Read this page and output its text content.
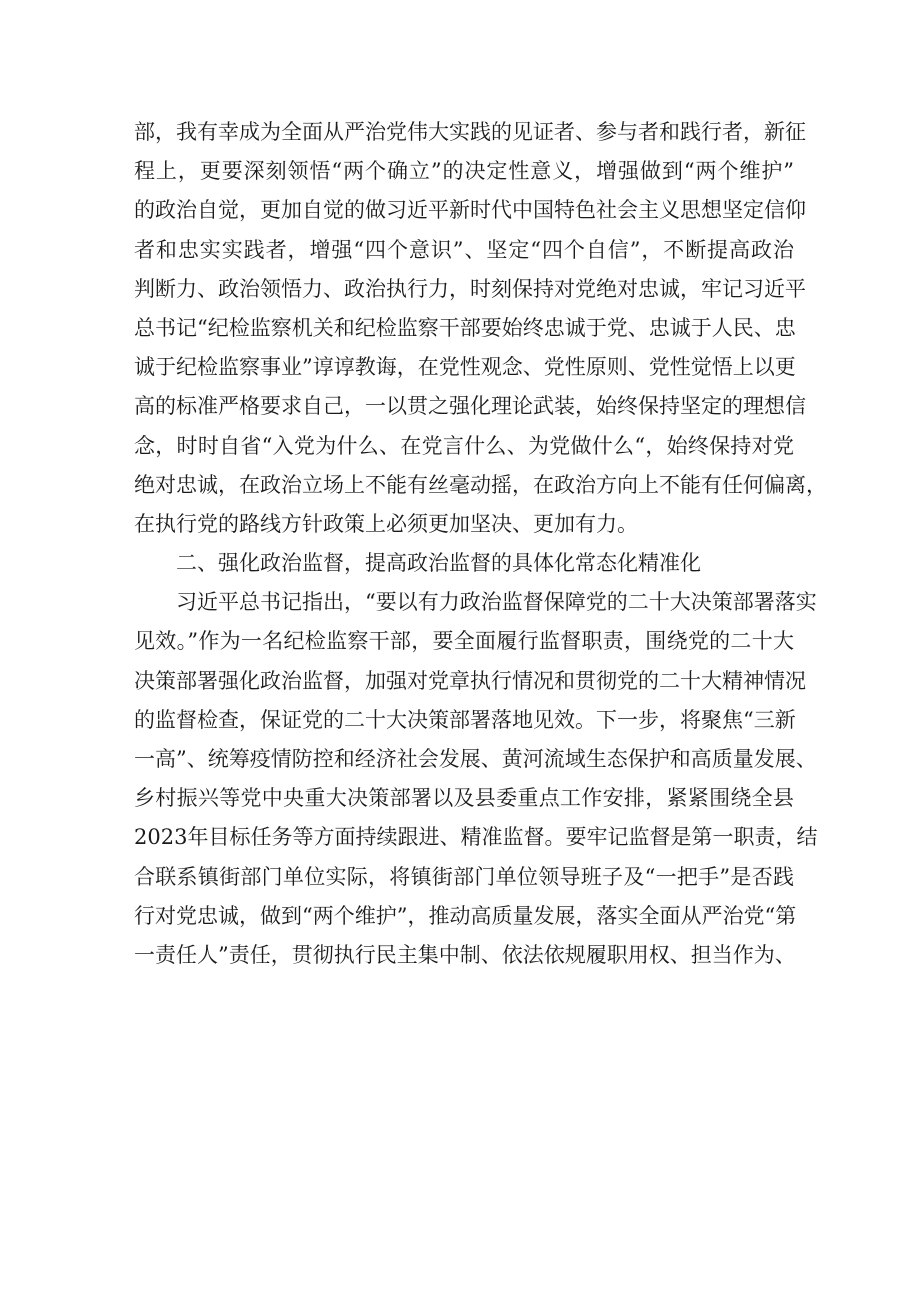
部，我有幸成为全面从严治党伟大实践的见证者、参与者和践行者，新征
程上，更要深刻领悟“两个确立”的决定性意义，增强做到“两个维护”
的政治自觉，更加自觉的做习近平新时代中国特色社会主义思想坚定信仰
者和忠实实践者，增强“四个意识”、坚定“四个自信”，不断提高政治
判断力、政治领悟力、政治执行力，时刻保持对党绝对忠诚，牢记习近平
总书记“纪检监察机关和纪检监察干部要始终忠诚于党、忠诚于人民、忠
诚于纪检监察事业”谆谆教诲，在党性观念、党性原则、党性觉悟上以更
高的标准严格要求自己，一以贯之强化理论武装，始终保持坚定的理想信
念，时时自省“入党为什么、在党言什么、为党做什么“，始终保持对党
绝对忠诚，在政治立场上不能有丝毫动摇，在政治方向上不能有任何偏离，
在执行党的路线方针政策上必须更加坚决、更加有力。
二、强化政治监督，提高政治监督的具体化常态化精准化
习近平总书记指出，“要以有力政治监督保障党的二十大决策部署落实
见效。”作为一名纪检监察干部，要全面履行监督职责，围绕党的二十大
决策部署强化政治监督，加强对党章执行情况和贯彻党的二十大精神情况
的监督检查，保证党的二十大决策部署落地见效。下一步，将聚焦“三新
一高”、统筹疫情防控和经济社会发展、黄河流域生态保护和高质量发展、
乡村振兴等党中央重大决策部署以及县委重点工作安排，紧紧围绕全县
2023年目标任务等方面持续跟进、精准监督。要牢记监督是第一职责，结
合联系镇街部门单位实际，将镇街部门单位领导班子及“一把手”是否践
行对党忠诚，做到“两个维护”，推动高质量发展，落实全面从严治党“第
一责任人”责任，贯彻执行民主集中制、依法依规履职用权、担当作为、
